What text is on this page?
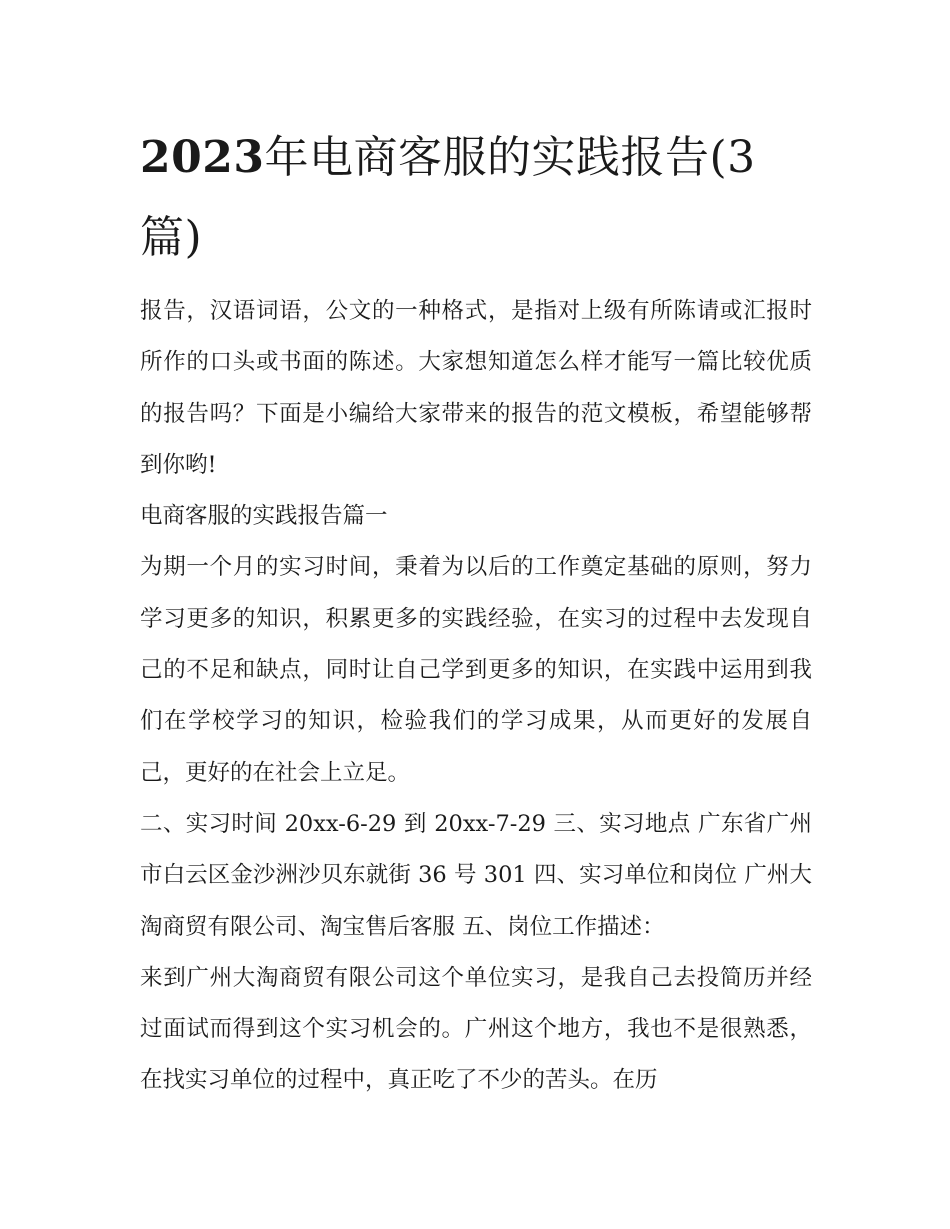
2023年电商客服的实践报告(3篇)

报告，汉语词语，公文的一种格式，是指对上级有所陈请或汇报时所作的口头或书面的陈述。大家想知道怎么样才能写一篇比较优质的报告吗？下面是小编给大家带来的报告的范文模板，希望能够帮到你哟!

电商客服的实践报告篇一

为期一个月的实习时间，秉着为以后的工作奠定基础的原则，努力学习更多的知识，积累更多的实践经验，在实习的过程中去发现自己的不足和缺点，同时让自己学到更多的知识，在实践中运用到我们在学校学习的知识，检验我们的学习成果，从而更好的发展自己，更好的在社会上立足。

二、实习时间 20xx-6-29 到 20xx-7-29 三、实习地点 广东省广州市白云区金沙洲沙贝东就街 36 号 301 四、实习单位和岗位 广州大淘商贸有限公司、淘宝售后客服 五、岗位工作描述：

来到广州大淘商贸有限公司这个单位实习，是我自己去投简历并经过面试而得到这个实习机会的。广州这个地方，我也不是很熟悉，在找实习单位的过程中，真正吃了不少的苦头。在历
